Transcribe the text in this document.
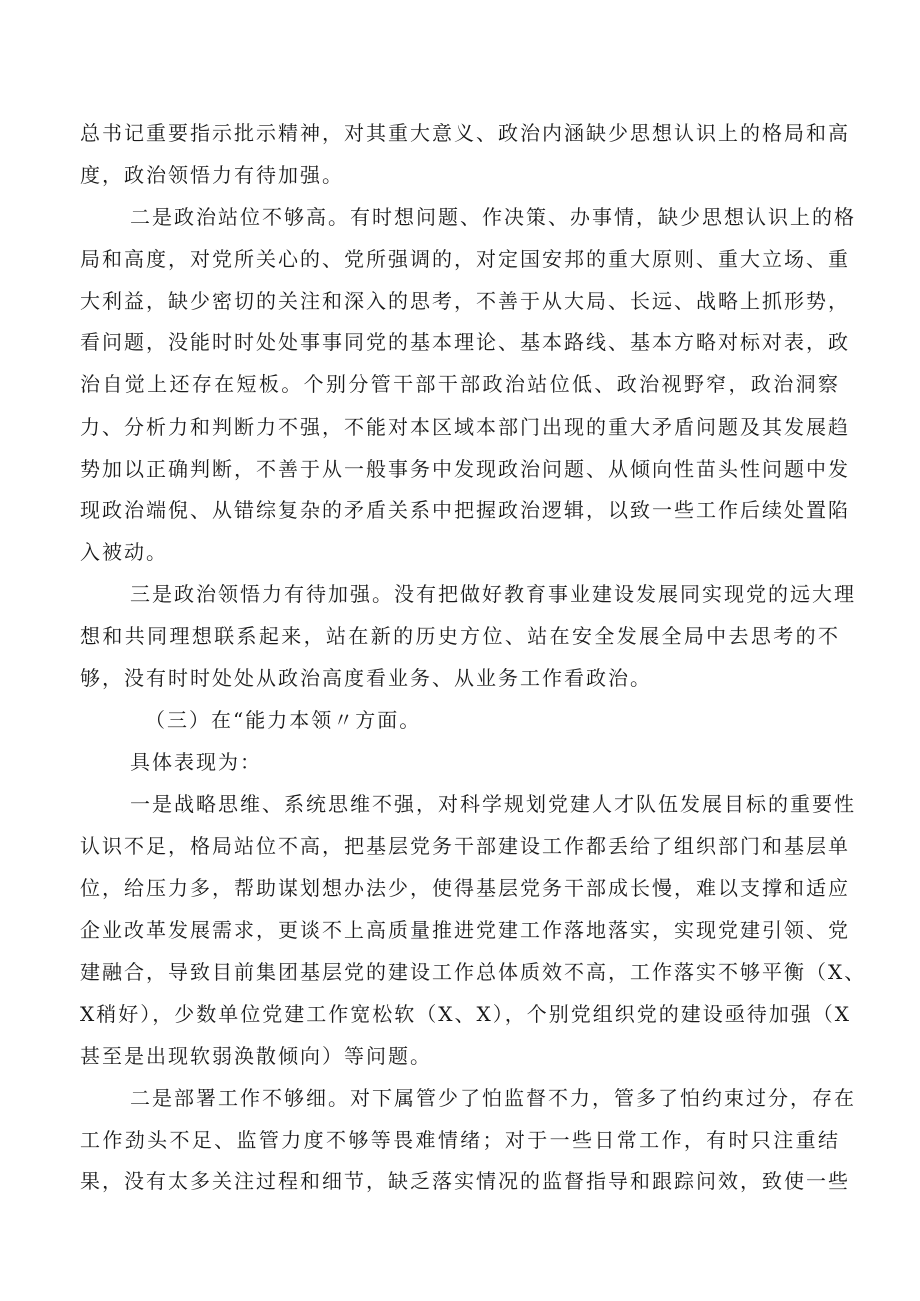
总书记重要指示批示精神，对其重大意义、政治内涵缺少思想认识上的格局和高
度，政治领悟力有待加强。
二是政治站位不够高。有时想问题、作决策、办事情，缺少思想认识上的格
局和高度，对党所关心的、党所强调的，对定国安邦的重大原则、重大立场、重
大利益，缺少密切的关注和深入的思考，不善于从大局、长远、战略上抓形势，
看问题，没能时时处处事事同党的基本理论、基本路线、基本方略对标对表，政
治自觉上还存在短板。个别分管干部干部政治站位低、政治视野窄，政治洞察
力、分析力和判断力不强，不能对本区域本部门出现的重大矛盾问题及其发展趋
势加以正确判断，不善于从一般事务中发现政治问题、从倾向性苗头性问题中发
现政治端倪、从错综复杂的矛盾关系中把握政治逻辑，以致一些工作后续处置陷
入被动。
三是政治领悟力有待加强。没有把做好教育事业建设发展同实现党的远大理
想和共同理想联系起来，站在新的历史方位、站在安全发展全局中去思考的不
够，没有时时处处从政治高度看业务、从业务工作看政治。
（三）在“能力本领〃方面。
具体表现为：
一是战略思维、系统思维不强，对科学规划党建人才队伍发展目标的重要性
认识不足，格局站位不高，把基层党务干部建设工作都丢给了组织部门和基层单
位，给压力多，帮助谋划想办法少，使得基层党务干部成长慢，难以支撑和适应
企业改革发展需求，更谈不上高质量推进党建工作落地落实，实现党建引领、党
建融合，导致目前集团基层党的建设工作总体质效不高，工作落实不够平衡（X、
X稍好），少数单位党建工作宽松软（X、X），个别党组织党的建设亟待加强（X
甚至是出现软弱涣散倾向）等问题。
二是部署工作不够细。对下属管少了怕监督不力，管多了怕约束过分，存在
工作劲头不足、监管力度不够等畏难情绪；对于一些日常工作，有时只注重结
果，没有太多关注过程和细节，缺乏落实情况的监督指导和跟踪问效，致使一些
